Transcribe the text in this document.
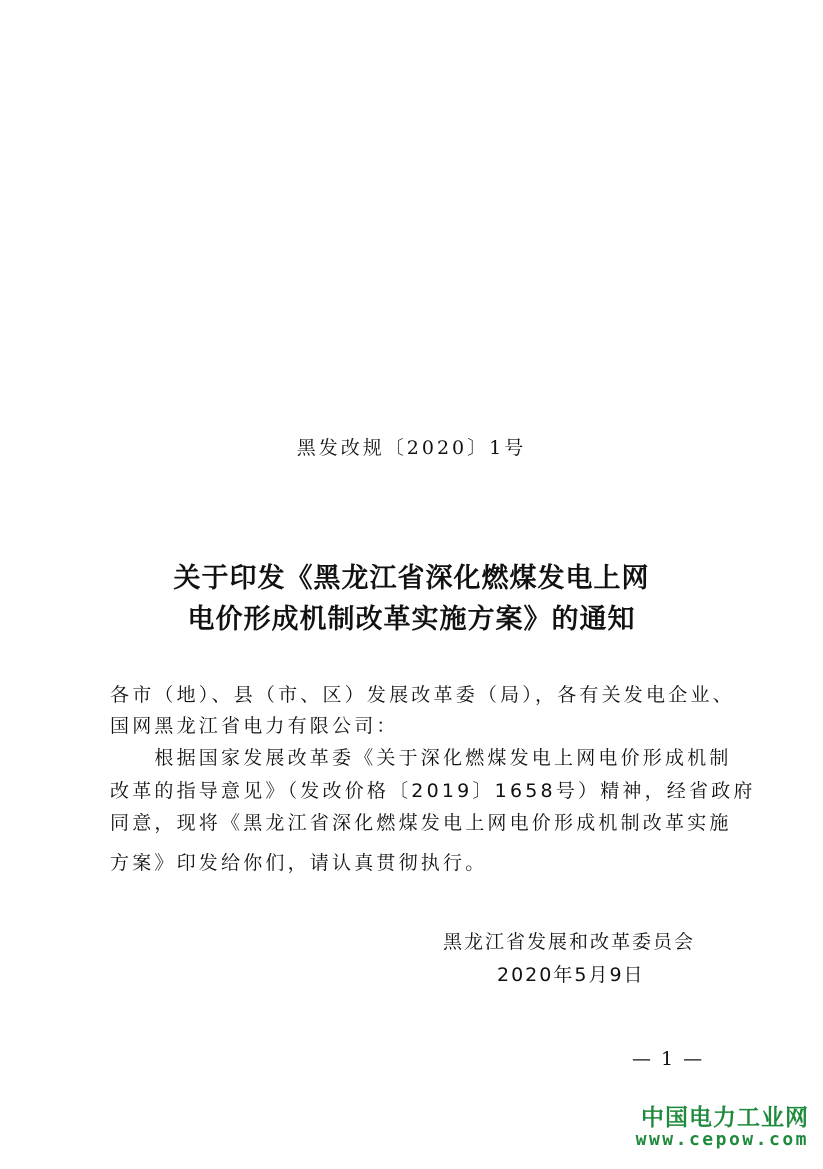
黑发改规〔2020〕1号
关于印发《黑龙江省深化燃煤发电上网
电价形成机制改革实施方案》的通知
各市（地）、县（市、区）发展改革委（局），各有关发电企业、
国网黑龙江省电力有限公司：
　　根据国家发展改革委《关于深化燃煤发电上网电价形成机制
改革的指导意见》（发改价格〔2019〕1658号）精神，经省政府
同意，现将《黑龙江省深化燃煤发电上网电价形成机制改革实施
方案》印发给你们，请认真贯彻执行。
黑龙江省发展和改革委员会
2020年5月9日
— 1 —
中国电力工业网
www.cepow.com
